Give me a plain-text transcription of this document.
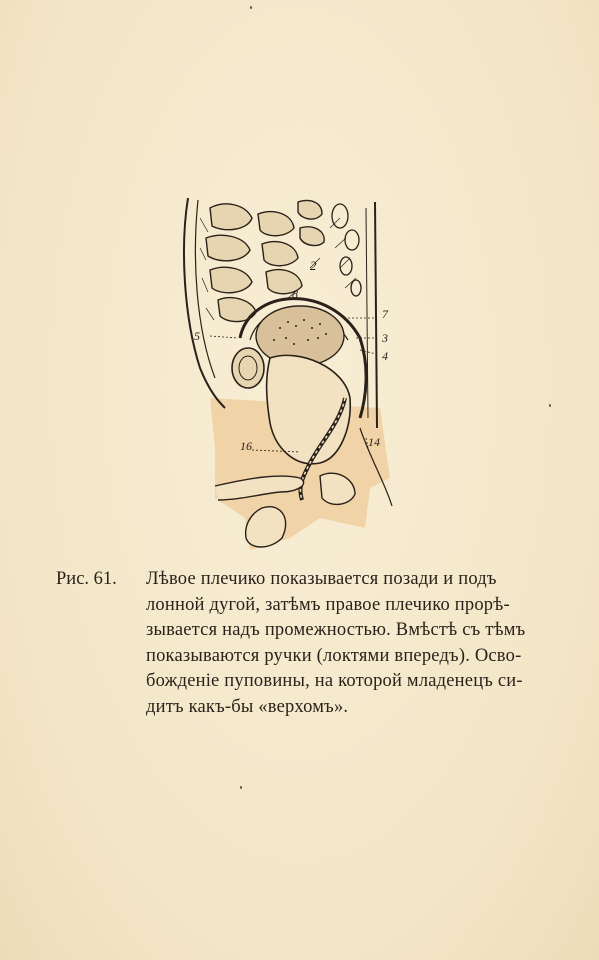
2
8
5
7
3
4
16	14
Рис. 61. Лѣвое плечико показывается позади и подъ
лонной дугой, затѣмъ правое плечико прорѣ-
зывается надъ промежностью. Вмѣстѣ съ тѣмъ
показываются ручки (локтями впередъ). Осво-
божденіе пуповины, на которой младенецъ си-
дитъ какъ-бы «верхомъ».
